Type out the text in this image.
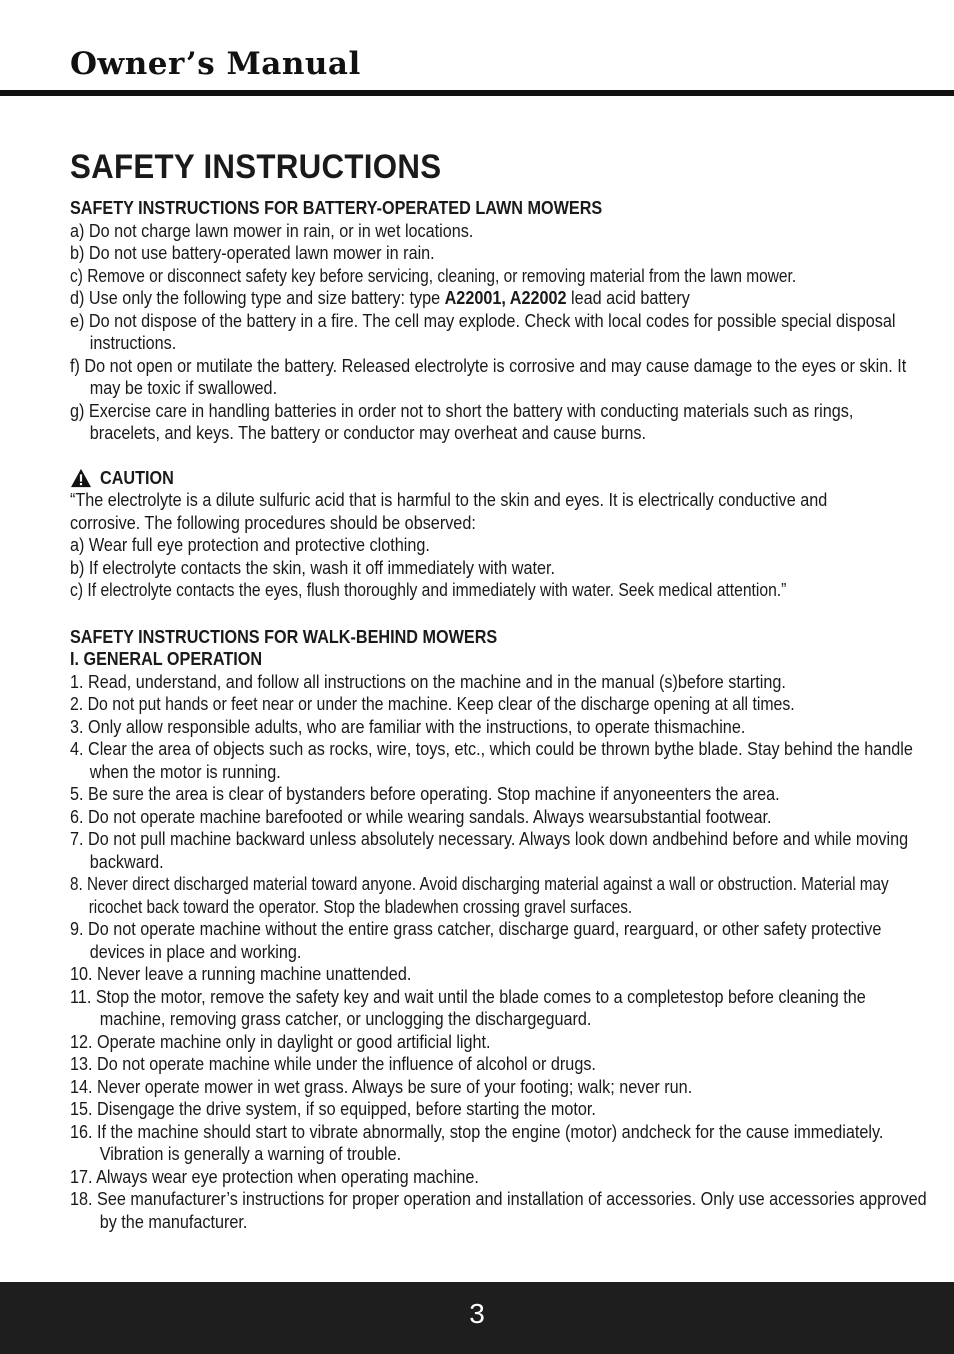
Owner’s Manual
SAFETY INSTRUCTIONS

SAFETY INSTRUCTIONS FOR BATTERY-OPERATED LAWN MOWERS

a) Do not charge lawn mower in rain, or in wet locations.

b) Do not use battery-operated lawn mower in rain.

c) Remove or disconnect safety key before servicing, cleaning, or removing material from the lawn mower.

d) Use only the following type and size battery: type A22001, A22002 lead acid battery

e) Do not dispose of the battery in a fire. The cell may explode. Check with local codes for possible special disposal instructions.

f) Do not open or mutilate the battery. Released electrolyte is corrosive and may cause damage to the eyes or skin. It may be toxic if swallowed.

g) Exercise care in handling batteries in order not to short the battery with conducting materials such as rings, bracelets, and keys. The battery or conductor may overheat and cause burns.

CAUTION

“The electrolyte is a dilute sulfuric acid that is harmful to the skin and eyes. It is electrically conductive and corrosive. The following procedures should be observed:

a) Wear full eye protection and protective clothing.

b) If electrolyte contacts the skin, wash it off immediately with water.

c) If electrolyte contacts the eyes, flush thoroughly and immediately with water. Seek medical attention.”

SAFETY INSTRUCTIONS FOR WALK-BEHIND MOWERS

I. GENERAL OPERATION

1. Read, understand, and follow all instructions on the machine and in the manual (s)before starting.

2. Do not put hands or feet near or under the machine. Keep clear of the discharge opening at all times.

3. Only allow responsible adults, who are familiar with the instructions, to operate thismachine.

4. Clear the area of objects such as rocks, wire, toys, etc., which could be thrown bythe blade. Stay behind the handle when the motor is running.

5. Be sure the area is clear of bystanders before operating. Stop machine if anyoneenters the area.

6. Do not operate machine barefooted or while wearing sandals. Always wearsubstantial footwear.

7. Do not pull machine backward unless absolutely necessary. Always look down andbehind before and while moving backward.

8. Never direct discharged material toward anyone. Avoid discharging material against a wall or obstruction. Material may ricochet back toward the operator. Stop the bladewhen crossing gravel surfaces.

9. Do not operate machine without the entire grass catcher, discharge guard, rearguard, or other safety protective devices in place and working.

10. Never leave a running machine unattended.

11. Stop the motor, remove the safety key and wait until the blade comes to a completestop before cleaning the machine, removing grass catcher, or unclogging the dischargeguard.

12. Operate machine only in daylight or good artificial light.

13. Do not operate machine while under the influence of alcohol or drugs.

14. Never operate mower in wet grass. Always be sure of your footing; walk; never run.

15. Disengage the drive system, if so equipped, before starting the motor.

16. If the machine should start to vibrate abnormally, stop the engine (motor) andcheck for the cause immediately. Vibration is generally a warning of trouble.

17. Always wear eye protection when operating machine.

18. See manufacturer’s instructions for proper operation and installation of accessories. Only use accessories approved by the manufacturer.

3
